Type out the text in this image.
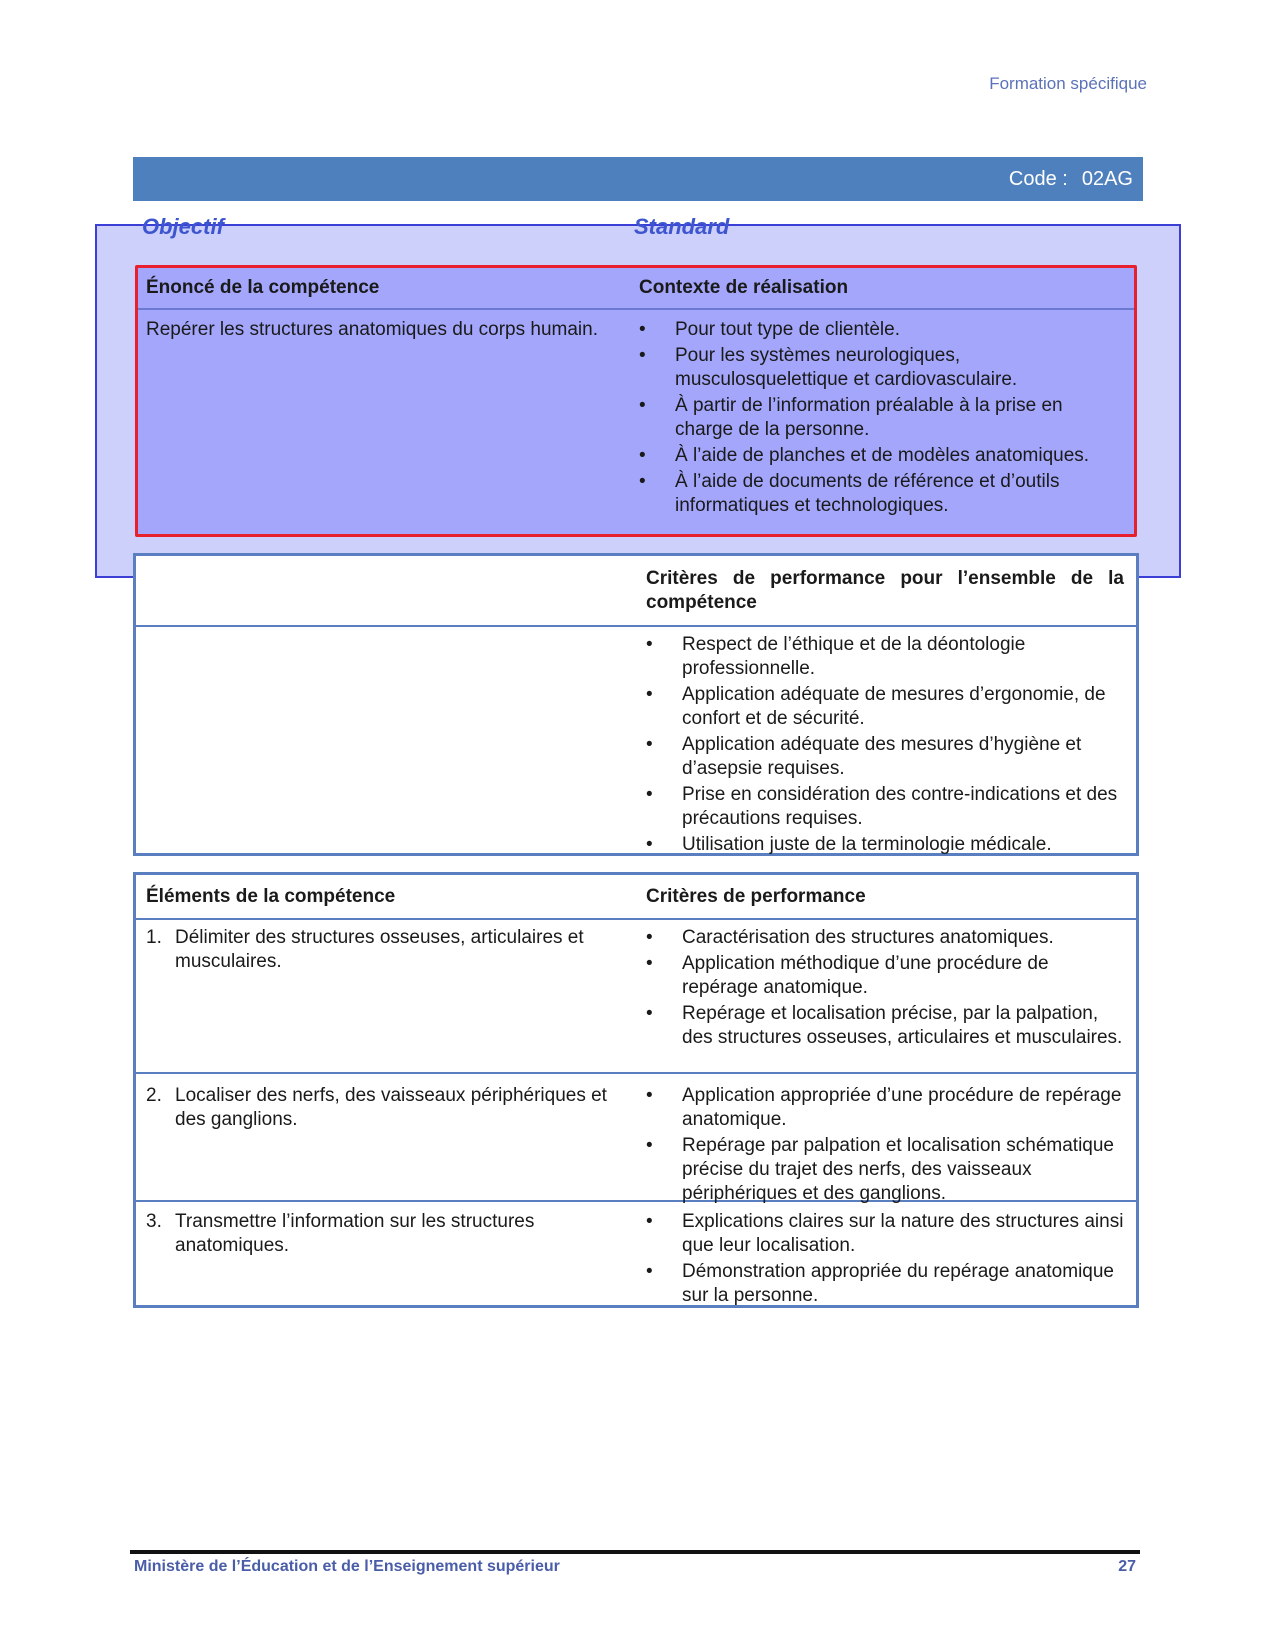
Formation spécifique
Code : 02AG
Objectif	Standard
Énoncé de la compétence	Contexte de réalisation
Repérer les structures anatomiques du corps humain.	• Pour tout type de clientèle.
• Pour les systèmes neurologiques, musculosquelettique et cardiovasculaire.
• À partir de l’information préalable à la prise en charge de la personne.
• À l’aide de planches et de modèles anatomiques.
• À l’aide de documents de référence et d’outils informatiques et technologiques.
Critères de performance pour l’ensemble de la compétence
• Respect de l’éthique et de la déontologie professionnelle.
• Application adéquate de mesures d’ergonomie, de confort et de sécurité.
• Application adéquate des mesures d’hygiène et d’asepsie requises.
• Prise en considération des contre-indications et des précautions requises.
• Utilisation juste de la terminologie médicale.
Éléments de la compétence	Critères de performance
1. Délimiter des structures osseuses, articulaires et musculaires.
• Caractérisation des structures anatomiques.
• Application méthodique d’une procédure de repérage anatomique.
• Repérage et localisation précise, par la palpation, des structures osseuses, articulaires et musculaires.
2. Localiser des nerfs, des vaisseaux périphériques et des ganglions.
• Application appropriée d’une procédure de repérage anatomique.
• Repérage par palpation et localisation schématique précise du trajet des nerfs, des vaisseaux périphériques et des ganglions.
3. Transmettre l’information sur les structures anatomiques.
• Explications claires sur la nature des structures ainsi que leur localisation.
• Démonstration appropriée du repérage anatomique sur la personne.
Ministère de l’Éducation et de l’Enseignement supérieur	27
